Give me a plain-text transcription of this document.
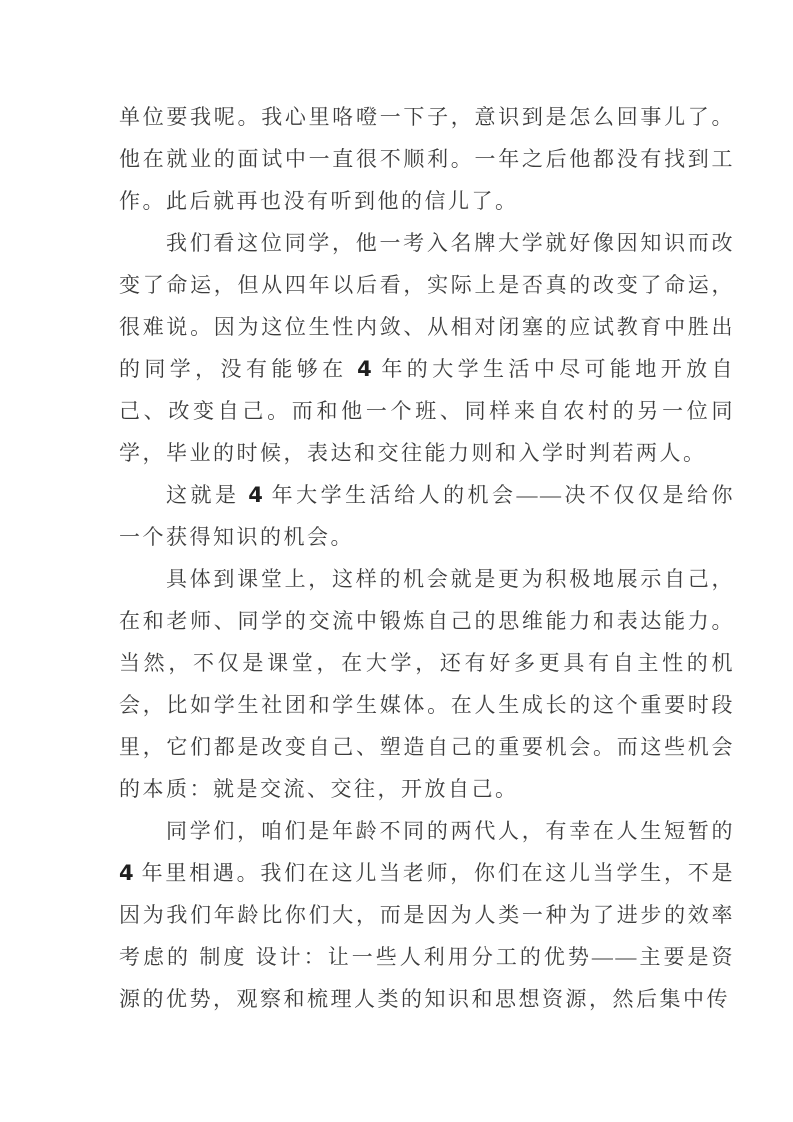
单位要我呢。我心里咯噔一下子，意识到是怎么回事儿了。他在就业的面试中一直很不顺利。一年之后他都没有找到工作。此后就再也没有听到他的信儿了。

我们看这位同学，他一考入名牌大学就好像因知识而改变了命运，但从四年以后看，实际上是否真的改变了命运，很难说。因为这位生性内敛、从相对闭塞的应试教育中胜出的同学，没有能够在 4 年的大学生活中尽可能地开放自己、改变自己。而和他一个班、同样来自农村的另一位同学，毕业的时候，表达和交往能力则和入学时判若两人。

这就是 4 年大学生活给人的机会——决不仅仅是给你一个获得知识的机会。

具体到课堂上，这样的机会就是更为积极地展示自己，在和老师、同学的交流中锻炼自己的思维能力和表达能力。当然，不仅是课堂，在大学，还有好多更具有自主性的机会，比如学生社团和学生媒体。在人生成长的这个重要时段里，它们都是改变自己、塑造自己的重要机会。而这些机会的本质：就是交流、交往，开放自己。

同学们，咱们是年龄不同的两代人，有幸在人生短暂的 4 年里相遇。我们在这儿当老师，你们在这儿当学生，不是因为我们年龄比你们大，而是因为人类一种为了进步的效率考虑的 制度 设计：让一些人利用分工的优势——主要是资源的优势，观察和梳理人类的知识和思想资源，然后集中传
